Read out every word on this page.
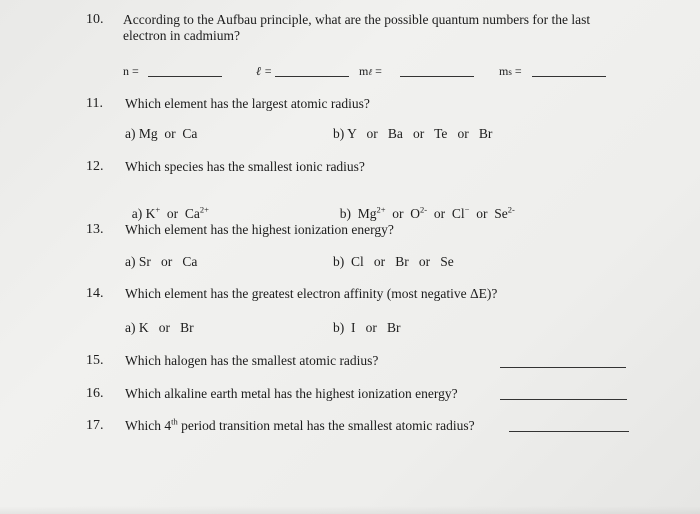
10. According to the Aufbau principle, what are the possible quantum numbers for the last
electron in cadmium?
n =	ℓ =	mℓ =	ms =
11. Which element has the largest atomic radius?
a) Mg  or  Ca	b) Y   or   Ba   or   Te   or   Br
12. Which species has the smallest ionic radius?

a) K+  or  $Ca^{2+}$	b)  $Mg^{2+}$  or  $O^{2-}$  or  Cl−  or  $Se^{2-}$

13. Which element has the highest ionization energy?
a) Sr   or   Ca	b)  Cl   or   Br   or   Se
14. Which element has the greatest electron affinity (most negative ΔE)?
a) K   or   Br	b)  I   or   Br
15. Which halogen has the smallest atomic radius?
16. Which alkaline earth metal has the highest ionization energy?
17. Which 4th period transition metal has the smallest atomic radius?
